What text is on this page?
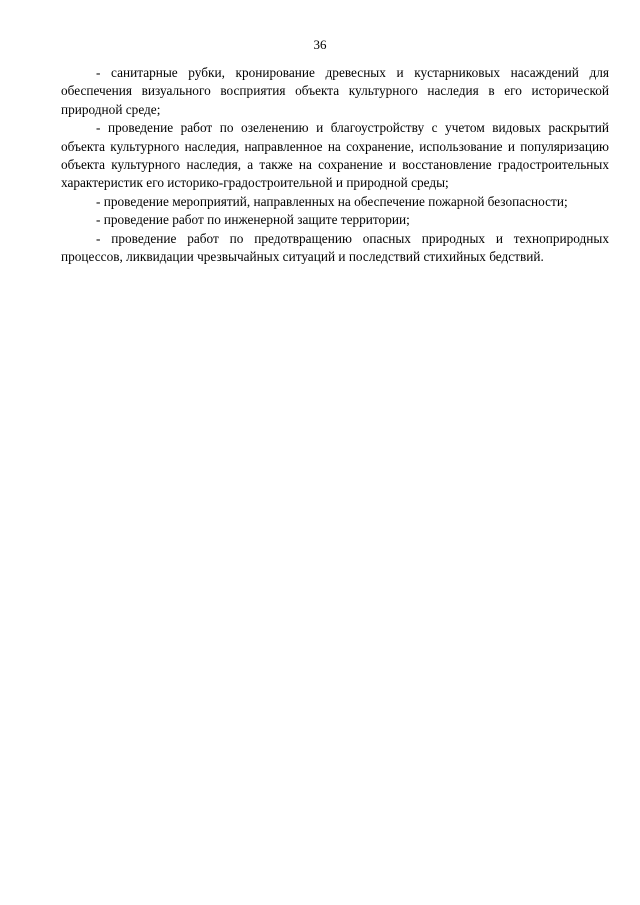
36

- санитарные рубки, кронирование древесных и кустарниковых насаждений для обеспечения визуального восприятия объекта культурного наследия в его исторической природной среде;

- проведение работ по озеленению и благоустройству с учетом видовых раскрытий объекта культурного наследия, направленное на сохранение, использование и популяризацию объекта культурного наследия, а также на сохранение и восстановление градостроительных характеристик его историко-градостроительной и природной среды;

- проведение мероприятий, направленных на обеспечение пожарной безопасности;

- проведение работ по инженерной защите территории;

- проведение работ по предотвращению опасных природных и техноприродных процессов, ликвидации чрезвычайных ситуаций и последствий стихийных бедствий.
